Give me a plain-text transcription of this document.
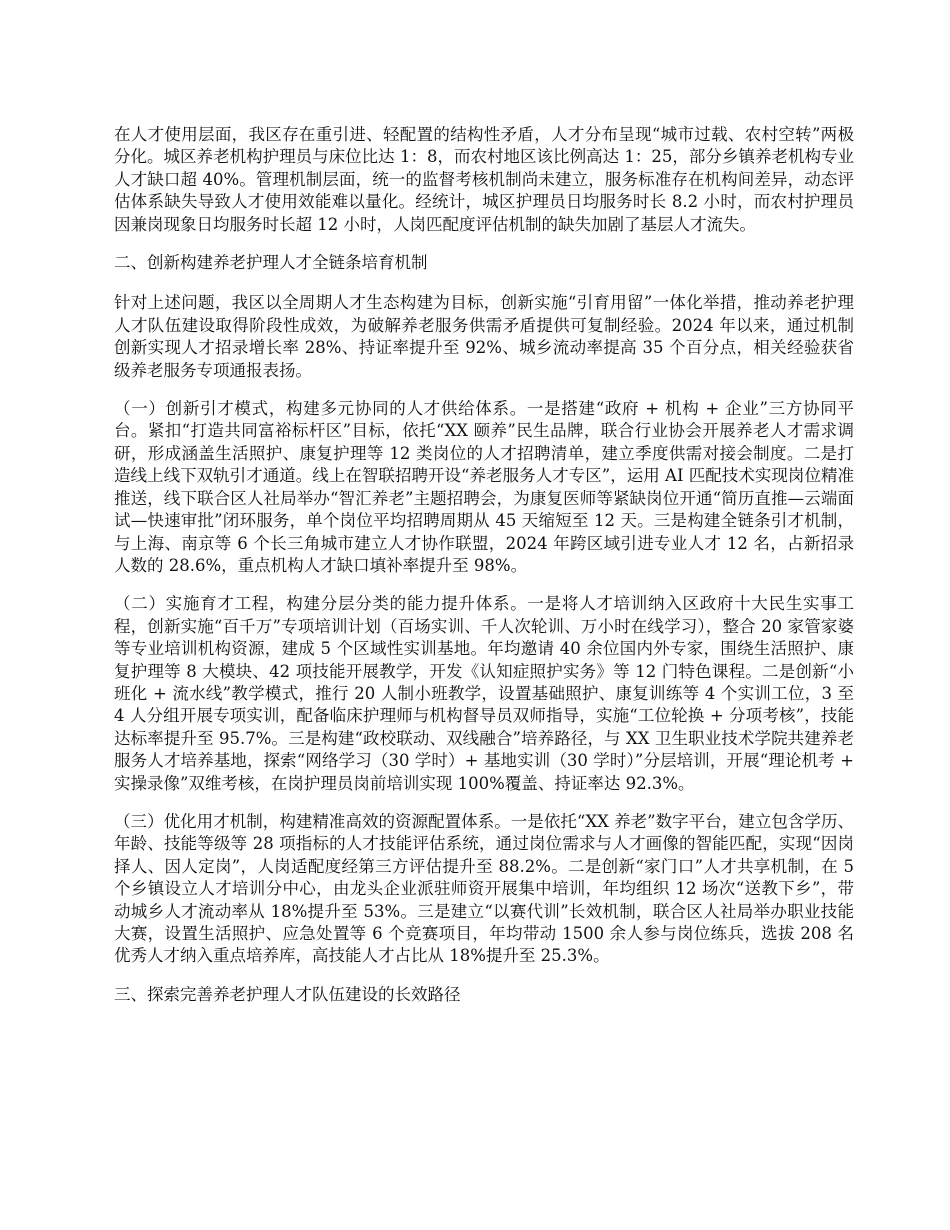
在人才使用层面，我区存在重引进、轻配置的结构性矛盾，人才分布呈现“城市过载、农村空转”两极分化。城区养老机构护理员与床位比达 1：8，而农村地区该比例高达 1：25，部分乡镇养老机构专业人才缺口超 40%。管理机制层面，统一的监督考核机制尚未建立，服务标准存在机构间差异，动态评估体系缺失导致人才使用效能难以量化。经统计，城区护理员日均服务时长 8.2 小时，而农村护理员因兼岗现象日均服务时长超 12 小时，人岗匹配度评估机制的缺失加剧了基层人才流失。

二、创新构建养老护理人才全链条培育机制

针对上述问题，我区以全周期人才生态构建为目标，创新实施“引育用留”一体化举措，推动养老护理人才队伍建设取得阶段性成效，为破解养老服务供需矛盾提供可复制经验。2024 年以来，通过机制创新实现人才招录增长率 28%、持证率提升至 92%、城乡流动率提高 35 个百分点，相关经验获省级养老服务专项通报表扬。

（一）创新引才模式，构建多元协同的人才供给体系。一是搭建“政府 + 机构 + 企业”三方协同平台。紧扣“打造共同富裕标杆区”目标，依托“XX 颐养”民生品牌，联合行业协会开展养老人才需求调研，形成涵盖生活照护、康复护理等 12 类岗位的人才招聘清单，建立季度供需对接会制度。二是打造线上线下双轨引才通道。线上在智联招聘开设“养老服务人才专区”，运用 AI 匹配技术实现岗位精准推送，线下联合区人社局举办“智汇养老”主题招聘会，为康复医师等紧缺岗位开通“简历直推—云端面试—快速审批”闭环服务，单个岗位平均招聘周期从 45 天缩短至 12 天。三是构建全链条引才机制，与上海、南京等 6 个长三角城市建立人才协作联盟，2024 年跨区域引进专业人才 12 名，占新招录人数的 28.6%，重点机构人才缺口填补率提升至 98%。

（二）实施育才工程，构建分层分类的能力提升体系。一是将人才培训纳入区政府十大民生实事工程，创新实施“百千万”专项培训计划（百场实训、千人次轮训、万小时在线学习），整合 20 家管家婆等专业培训机构资源，建成 5 个区域性实训基地。年均邀请 40 余位国内外专家，围绕生活照护、康复护理等 8 大模块、42 项技能开展教学，开发《认知症照护实务》等 12 门特色课程。二是创新“小班化 + 流水线”教学模式，推行 20 人制小班教学，设置基础照护、康复训练等 4 个实训工位，3 至 4 人分组开展专项实训，配备临床护理师与机构督导员双师指导，实施“工位轮换 + 分项考核”，技能达标率提升至 95.7%。三是构建“政校联动、双线融合”培养路径，与 XX 卫生职业技术学院共建养老服务人才培养基地，探索“网络学习（30 学时）+ 基地实训（30 学时）”分层培训，开展“理论机考 + 实操录像”双维考核，在岗护理员岗前培训实现 100%覆盖、持证率达 92.3%。

（三）优化用才机制，构建精准高效的资源配置体系。一是依托“XX 养老”数字平台，建立包含学历、年龄、技能等级等 28 项指标的人才技能评估系统，通过岗位需求与人才画像的智能匹配，实现“因岗择人、因人定岗”，人岗适配度经第三方评估提升至 88.2%。二是创新“家门口”人才共享机制，在 5 个乡镇设立人才培训分中心，由龙头企业派驻师资开展集中培训，年均组织 12 场次“送教下乡”，带动城乡人才流动率从 18%提升至 53%。三是建立“以赛代训”长效机制，联合区人社局举办职业技能大赛，设置生活照护、应急处置等 6 个竞赛项目，年均带动 1500 余人参与岗位练兵，选拔 208 名优秀人才纳入重点培养库，高技能人才占比从 18%提升至 25.3%。

三、探索完善养老护理人才队伍建设的长效路径
